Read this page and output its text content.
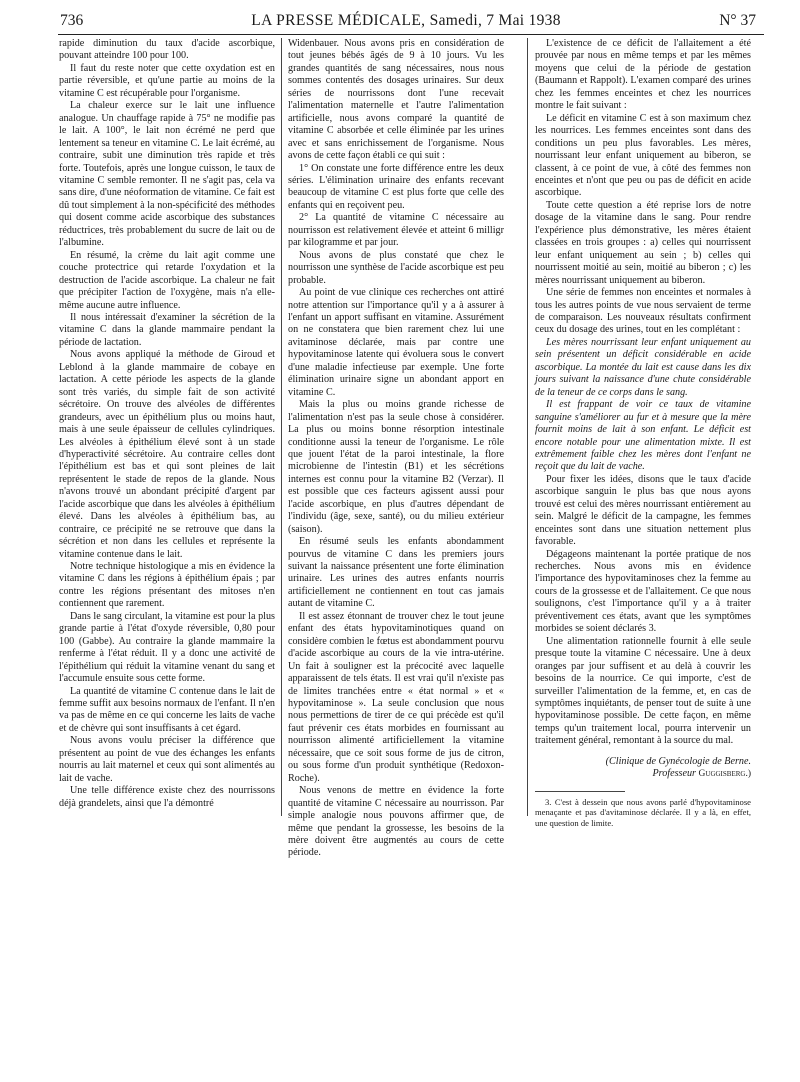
736	LA PRESSE MÉDICALE, Samedi, 7 Mai 1938	N° 37

rapide diminution du taux d'acide ascorbique, pouvant atteindre 100 pour 100.

Il faut du reste noter que cette oxydation est en partie réversible, et qu'une partie au moins de la vitamine C est récupérable pour l'organisme.

La chaleur exerce sur le lait une influence analogue. Un chauffage rapide à 75° ne modifie pas le lait. A 100°, le lait non écrémé ne perd que lentement sa teneur en vitamine C. Le lait écrémé, au contraire, subit une diminution très rapide et très forte. Toutefois, après une longue cuisson, le taux de vitamine C semble remonter. Il ne s'agit pas, cela va sans dire, d'une néoformation de vitamine. Ce fait est dû tout simplement à la non-spécificité des méthodes qui dosent comme acide ascorbique des substances réductrices, très probablement du sucre de lait ou de l'albumine.

En résumé, la crème du lait agit comme une couche protectrice qui retarde l'oxydation et la destruction de l'acide ascorbique. La chaleur ne fait que précipiter l'action de l'oxygène, mais n'a elle-même aucune autre influence.

Il nous intéressait d'examiner la sécrétion de la vitamine C dans la glande mammaire pendant la période de lactation.

Nous avons appliqué la méthode de Giroud et Leblond à la glande mammaire de cobaye en lactation. A cette période les aspects de la glande sont très variés, du simple fait de son activité sécrétoire. On trouve des alvéoles de différentes grandeurs, avec un épithélium plus ou moins haut, mais à une seule épaisseur de cellules cylindriques. Les alvéoles à épithélium élevé sont à un stade d'hyperactivité sécrétoire. Au contraire celles dont l'épithélium est bas et qui sont pleines de lait représentent le stade de repos de la glande. Nous n'avons trouvé un abondant précipité d'argent par l'acide ascorbique que dans les alvéoles à épithélium élevé. Dans les alvéoles à épithélium bas, au contraire, ce précipité ne se retrouve que dans la sécrétion et non dans les cellules et représente la vitamine contenue dans le lait.

Notre technique histologique a mis en évidence la vitamine C dans les régions à épithélium épais ; par contre les régions présentant des mitoses n'en contiennent que rarement.

Dans le sang circulant, la vitamine est pour la plus grande partie à l'état d'oxyde réversible, 0,80 pour 100 (Gabbe). Au contraire la glande mammaire la renferme à l'état réduit. Il y a donc une activité de l'épithélium qui réduit la vitamine venant du sang et l'accumule ensuite sous cette forme.

La quantité de vitamine C contenue dans le lait de femme suffit aux besoins normaux de l'enfant. Il n'en va pas de même en ce qui concerne les laits de vache et de chèvre qui sont insuffisants à cet égard.

Nous avons voulu préciser la différence que présentent au point de vue des échanges les enfants nourris au lait maternel et ceux qui sont alimentés au lait de vache.

Une telle différence existe chez des nourrissons déjà grandelets, ainsi que l'a démontré

Widenbauer. Nous avons pris en considération de tout jeunes bébés âgés de 9 à 10 jours. Vu les grandes quantités de sang nécessaires, nous nous sommes contentés des dosages urinaires. Sur deux séries de nourrissons dont l'une recevait l'alimentation maternelle et l'autre l'alimentation artificielle, nous avons comparé la quantité de vitamine C absorbée et celle éliminée par les urines avec et sans enrichissement de l'organisme. Nous avons de cette façon établi ce qui suit :

1° On constate une forte différence entre les deux séries. L'élimination urinaire des enfants recevant beaucoup de vitamine C est plus forte que celle des enfants qui en reçoivent peu.

2° La quantité de vitamine C nécessaire au nourrisson est relativement élevée et atteint 6 milligr par kilogramme et par jour.

Nous avons de plus constaté que chez le nourrisson une synthèse de l'acide ascorbique est peu probable.

Au point de vue clinique ces recherches ont attiré notre attention sur l'importance qu'il y a à assurer à l'enfant un apport suffisant en vitamine. Assurément on ne constatera que bien rarement chez lui une avitaminose déclarée, mais par contre une hypovitaminose latente qui évoluera sous le convert d'une maladie infectieuse par exemple. Une forte élimination urinaire signe un abondant apport en vitamine C.

Mais la plus ou moins grande richesse de l'alimentation n'est pas la seule chose à considérer. La plus ou moins bonne résorption intestinale conditionne aussi la teneur de l'organisme. Le rôle que jouent l'état de la paroi intestinale, la flore microbienne de l'intestin (B1) et les sécrétions internes est connu pour la vitamine B2 (Verzar). Il est possible que ces facteurs agissent aussi pour l'acide ascorbique, en plus d'autres dépendant de l'individu (âge, sexe, santé), ou du milieu extérieur (saison).

En résumé seuls les enfants abondamment pourvus de vitamine C dans les premiers jours suivant la naissance présentent une forte élimination urinaire. Les urines des autres enfants nourris artificiellement ne contiennent en tout cas jamais autant de vitamine C.

Il est assez étonnant de trouver chez le tout jeune enfant des états hypovitaminotiques quand on considère combien le fœtus est abondamment pourvu d'acide ascorbique au cours de la vie intra-utérine. Un fait à souligner est la précocité avec laquelle apparaissent de tels états. Il est vrai qu'il n'existe pas de limites tranchées entre « état normal » et « hypovitaminose ». La seule conclusion que nous nous permettions de tirer de ce qui précède est qu'il faut prévenir ces états morbides en fournissant au nourrisson alimenté artificiellement la vitamine nécessaire, que ce soit sous forme de jus de citron, ou sous forme d'un produit synthétique (Redoxon-Roche).

Nous venons de mettre en évidence la forte quantité de vitamine C nécessaire au nourrisson. Par simple analogie nous pouvons affirmer que, de même que pendant la grossesse, les besoins de la mère doivent être augmentés au cours de cette période.

L'existence de ce déficit de l'allaitement a été prouvée par nous en même temps et par les mêmes moyens que celui de la période de gestation (Baumann et Rappolt). L'examen comparé des urines chez les femmes enceintes et chez les nourrices montre le fait suivant :

Le déficit en vitamine C est à son maximum chez les nourrices. Les femmes enceintes sont dans des conditions un peu plus favorables. Les mères, nourrissant leur enfant uniquement au biberon, se classent, à ce point de vue, à côté des femmes non enceintes et n'ont que peu ou pas de déficit en acide ascorbique.

Toute cette question a été reprise lors de notre dosage de la vitamine dans le sang. Pour rendre l'expérience plus démonstrative, les mères étaient classées en trois groupes : a) celles qui nourrissent leur enfant uniquement au sein ; b) celles qui nourrissent moitié au sein, moitié au biberon ; c) les mères nourrissant uniquement au biberon.

Une série de femmes non enceintes et normales à tous les autres points de vue nous servaient de terme de comparaison. Les nouveaux résultats confirment ceux du dosage des urines, tout en les complétant :

Les mères nourrissant leur enfant uniquement au sein présentent un déficit considérable en acide ascorbique. La montée du lait est cause dans les dix jours suivant la naissance d'une chute considérable de la teneur de ce corps dans le sang.

Il est frappant de voir ce taux de vitamine sanguine s'améliorer au fur et à mesure que la mère fournit moins de lait à son enfant. Le déficit est encore notable pour une alimentation mixte. Il est extrêmement faible chez les mères dont l'enfant ne reçoit que du lait de vache.

Pour fixer les idées, disons que le taux d'acide ascorbique sanguin le plus bas que nous ayons trouvé est celui des mères nourrissant entièrement au sein. Malgré le déficit de la campagne, les femmes enceintes sont dans une situation nettement plus favorable.

Dégageons maintenant la portée pratique de nos recherches. Nous avons mis en évidence l'importance des hypovitaminoses chez la femme au cours de la grossesse et de l'allaitement. Ce que nous soulignons, c'est l'importance qu'il y a à traiter préventivement ces états, avant que les symptômes morbides se soient déclarés 3.

Une alimentation rationnelle fournit à elle seule presque toute la vitamine C nécessaire. Une à deux oranges par jour suffisent et au delà à couvrir les besoins de la nourrice. Ce qui importe, c'est de surveiller l'alimentation de la femme, et, en cas de symptômes inquiétants, de penser tout de suite à une hypovitaminose possible. De cette façon, en même temps qu'un traitement local, pourra intervenir un traitement général, remontant à la source du mal.

(Clinique de Gynécologie de Berne.

Professeur Guggisberg.)

3. C'est à dessein que nous avons parlé d'hypovitaminose menaçante et pas d'avitaminose déclarée. Il y a là, en effet, une question de limite.
